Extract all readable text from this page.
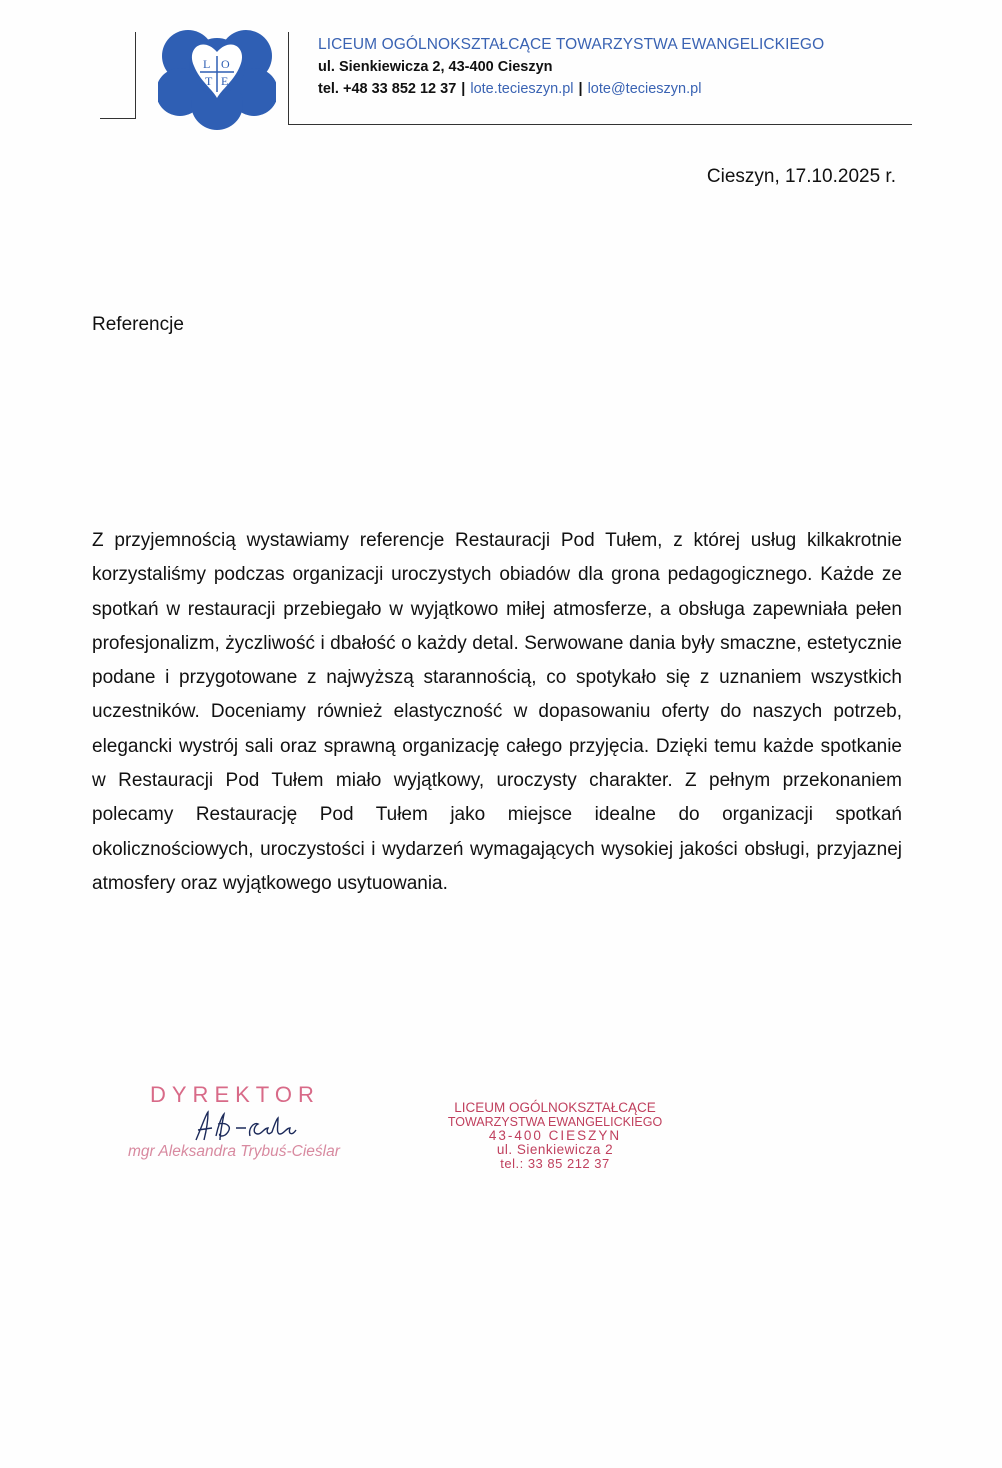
L O
T E
LICEUM OGÓLNOKSZTAŁCĄCE TOWARZYSTWA EWANGELICKIEGO
ul. Sienkiewicza 2, 43-400 Cieszyn
tel. +48 33 852 12 37 | lote.tecieszyn.pl | lote@tecieszyn.pl
Cieszyn, 17.10.2025 r.
Referencje

Z przyjemnością wystawiamy referencje Restauracji Pod Tułem, z której usług kilkakrotnie korzystaliśmy podczas organizacji uroczystych obiadów dla grona pedagogicznego. Każde ze spotkań w restauracji przebiegało w wyjątkowo miłej atmosferze, a obsługa zapewniała pełen profesjonalizm, życzliwość i dbałość o każdy detal. Serwowane dania były smaczne, estetycznie podane i przygotowane z najwyższą starannością, co spotykało się z uznaniem wszystkich uczestników. Doceniamy również elastyczność w dopasowaniu oferty do naszych potrzeb, elegancki wystrój sali oraz sprawną organizację całego przyjęcia. Dzięki temu każde spotkanie w Restauracji Pod Tułem miało wyjątkowy, uroczysty charakter. Z pełnym przekonaniem polecamy Restaurację Pod Tułem jako miejsce idealne do organizacji spotkań okolicznościowych, uroczystości i wydarzeń wymagających wysokiej jakości obsługi, przyjaznej atmosfery oraz wyjątkowego usytuowania.

DYREKTOR
mgr Aleksandra Trybuś-Cieślar
LICEUM OGÓLNOKSZTAŁCĄCE
TOWARZYSTWA EWANGELICKIEGO
43-400 CIESZYN
ul. Sienkiewicza 2
tel.: 33 85 212 37
